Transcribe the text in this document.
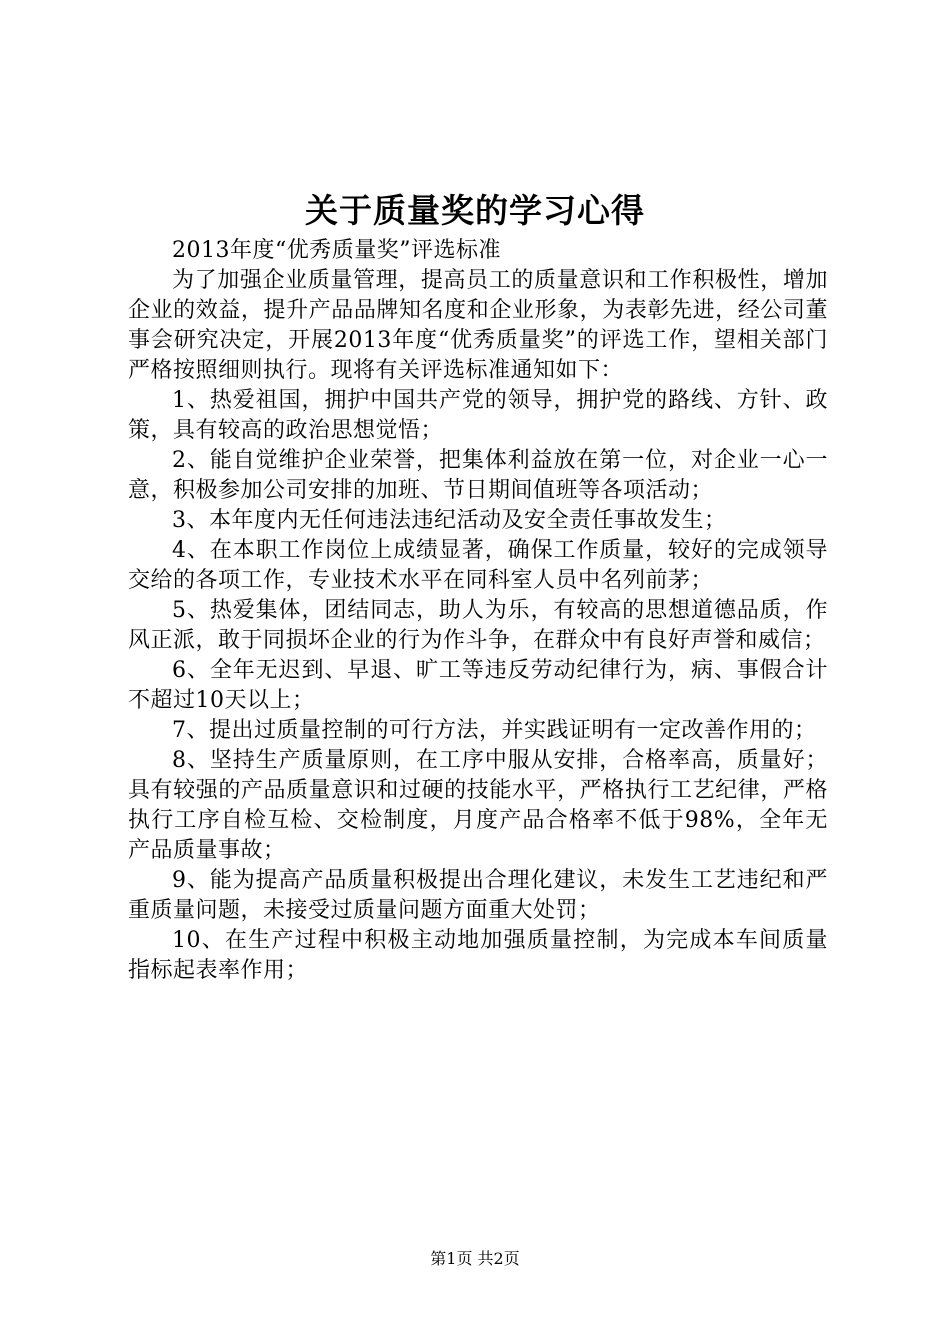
关于质量奖的学习心得

2013年度“优秀质量奖”评选标准

为了加强企业质量管理，提高员工的质量意识和工作积极性，增加企业的效益，提升产品品牌知名度和企业形象，为表彰先进，经公司董事会研究决定，开展2013年度“优秀质量奖”的评选工作，望相关部门严格按照细则执行。现将有关评选标准通知如下：

1、热爱祖国，拥护中国共产党的领导，拥护党的路线、方针、政策，具有较高的政治思想觉悟；

2、能自觉维护企业荣誉，把集体利益放在第一位，对企业一心一意，积极参加公司安排的加班、节日期间值班等各项活动；

3、本年度内无任何违法违纪活动及安全责任事故发生；

4、在本职工作岗位上成绩显著，确保工作质量，较好的完成领导交给的各项工作，专业技术水平在同科室人员中名列前茅；

5、热爱集体，团结同志，助人为乐，有较高的思想道德品质，作风正派，敢于同损坏企业的行为作斗争，在群众中有良好声誉和威信；

6、全年无迟到、早退、旷工等违反劳动纪律行为，病、事假合计不超过10天以上；

7、提出过质量控制的可行方法，并实践证明有一定改善作用的；

8、坚持生产质量原则，在工序中服从安排，合格率高，质量好；具有较强的产品质量意识和过硬的技能水平，严格执行工艺纪律，严格执行工序自检互检、交检制度，月度产品合格率不低于98%，全年无产品质量事故；

9、能为提高产品质量积极提出合理化建议，未发生工艺违纪和严重质量问题，未接受过质量问题方面重大处罚；

10、在生产过程中积极主动地加强质量控制，为完成本车间质量指标起表率作用；

第1页 共2页
